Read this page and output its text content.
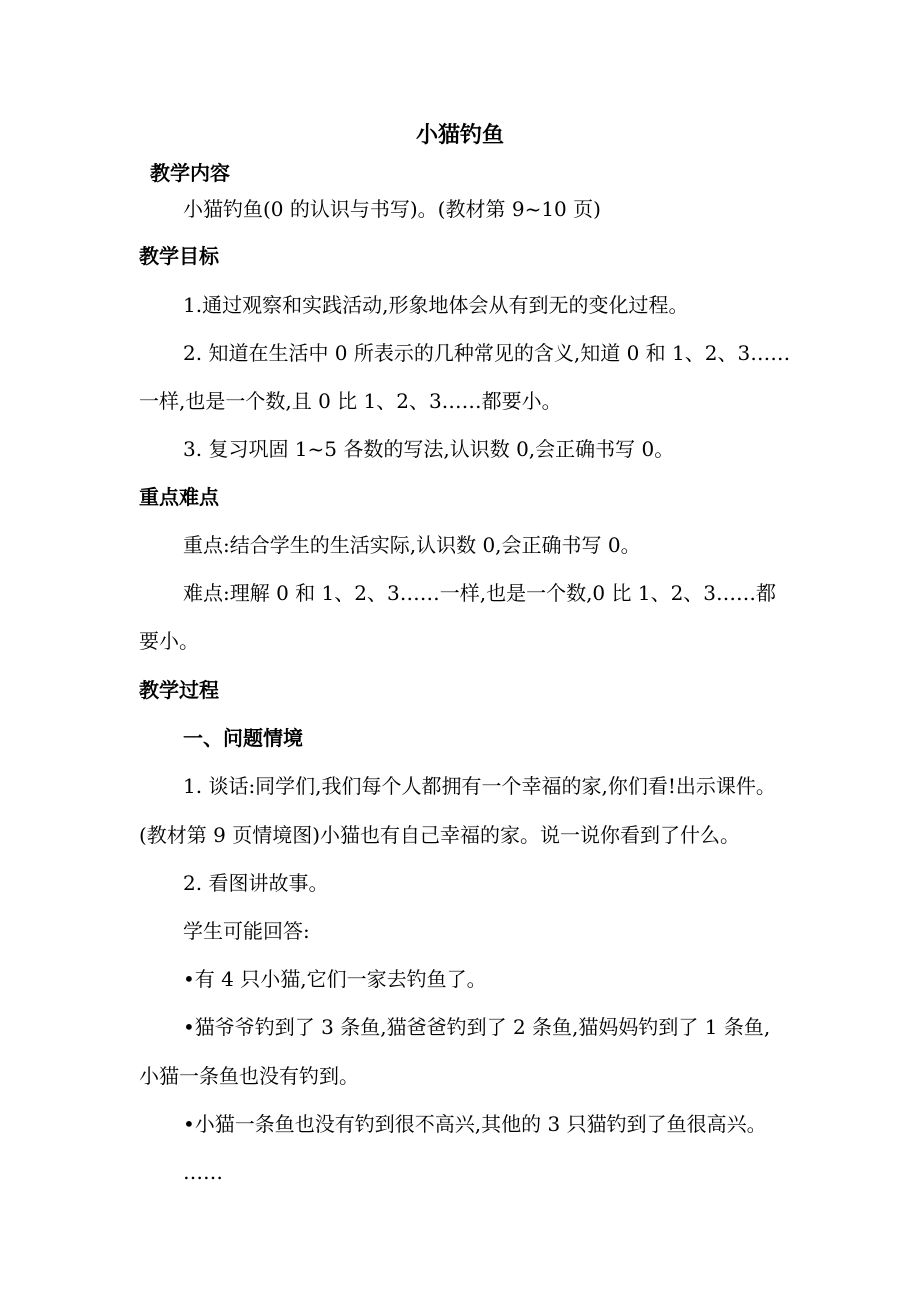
小猫钓鱼
教学内容
小猫钓鱼(0 的认识与书写)。(教材第 9~10 页)
教学目标
1.通过观察和实践活动,形象地体会从有到无的变化过程。
2. 知道在生活中 0 所表示的几种常见的含义,知道 0 和 1、2、3……
一样,也是一个数,且 0 比 1、2、3……都要小。
3. 复习巩固 1~5 各数的写法,认识数 0,会正确书写 0。
重点难点
重点:结合学生的生活实际,认识数 0,会正确书写 0。
难点:理解 0 和 1、2、3……一样,也是一个数,0 比 1、2、3……都
要小。
教学过程
一、问题情境
1. 谈话:同学们,我们每个人都拥有一个幸福的家,你们看!出示课件。
(教材第 9 页情境图)小猫也有自己幸福的家。说一说你看到了什么。
2. 看图讲故事。
学生可能回答:
•有 4 只小猫,它们一家去钓鱼了。
•猫爷爷钓到了 3 条鱼,猫爸爸钓到了 2 条鱼,猫妈妈钓到了 1 条鱼,
小猫一条鱼也没有钓到。
•小猫一条鱼也没有钓到很不高兴,其他的 3 只猫钓到了鱼很高兴。
……
